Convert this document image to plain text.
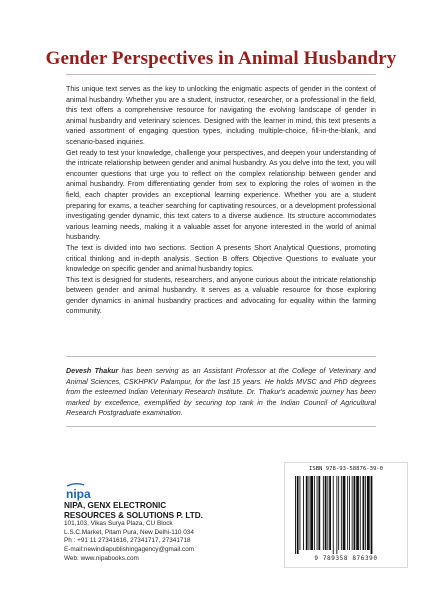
Gender Perspectives in Animal Husbandry

This unique text serves as the key to unlocking the enigmatic aspects of gender in the context of animal husbandry. Whether you are a student, instructor, researcher, or a professional in the field, this text offers a comprehensive resource for navigating the evolving landscape of gender in animal husbandry and veterinary sciences. Designed with the learner in mind, this text presents a varied assortment of engaging question types, including multiple-choice, fill-in-the-blank, and scenario-based inquiries.

Get ready to test your knowledge, challenge your perspectives, and deepen your understanding of the intricate relationship between gender and animal husbandry. As you delve into the text, you will encounter questions that urge you to reflect on the complex relationship between gender and animal husbandry. From differentiating gender from sex to exploring the roles of women in the field, each chapter provides an exceptional learning experience. Whether you are a student preparing for exams, a teacher searching for captivating resources, or a development professional investigating gender dynamic, this text caters to a diverse audience. Its structure accommodates various learning needs, making it a valuable asset for anyone interested in the world of animal husbandry.

The text is divided into two sections. Section A presents Short Analytical Questions, promoting critical thinking and in-depth analysis. Section B offers Objective Questions to evaluate your knowledge on specific gender and animal husbandry topics.

This text is designed for students, researchers, and anyone curious about the intricate relationship between gender and animal husbandry. It serves as a valuable resource for those exploring gender dynamics in animal husbandry practices and advocating for equality within the farming community.

Devesh Thakur has been serving as an Assistant Professor at the College of Veterinary and Animal Sciences, CSKHPKV Palampur, for the last 15 years. He holds MVSC and PhD degrees from the esteemed Indian Veterinary Research Institute. Dr. Thakur's academic journey has been marked by excellence, exemplified by securing top rank in the Indian Council of Agricultural Research Postgraduate examination.
nipa
NIPA, GENX ELECTRONIC
RESOURCES & SOLUTIONS P. LTD.
101,103, Vikas Surya Plaza, CU Block
L.S.C.Market, Pitam Pura, New Delhi-110 034
Ph : +91 11 27341616, 27341717, 27341718
E-mail:newindiapublishingagency@gmail.com
Web: www.nipabooks.com
ISBN 978-93-58876-39-0
9 789358 876390
